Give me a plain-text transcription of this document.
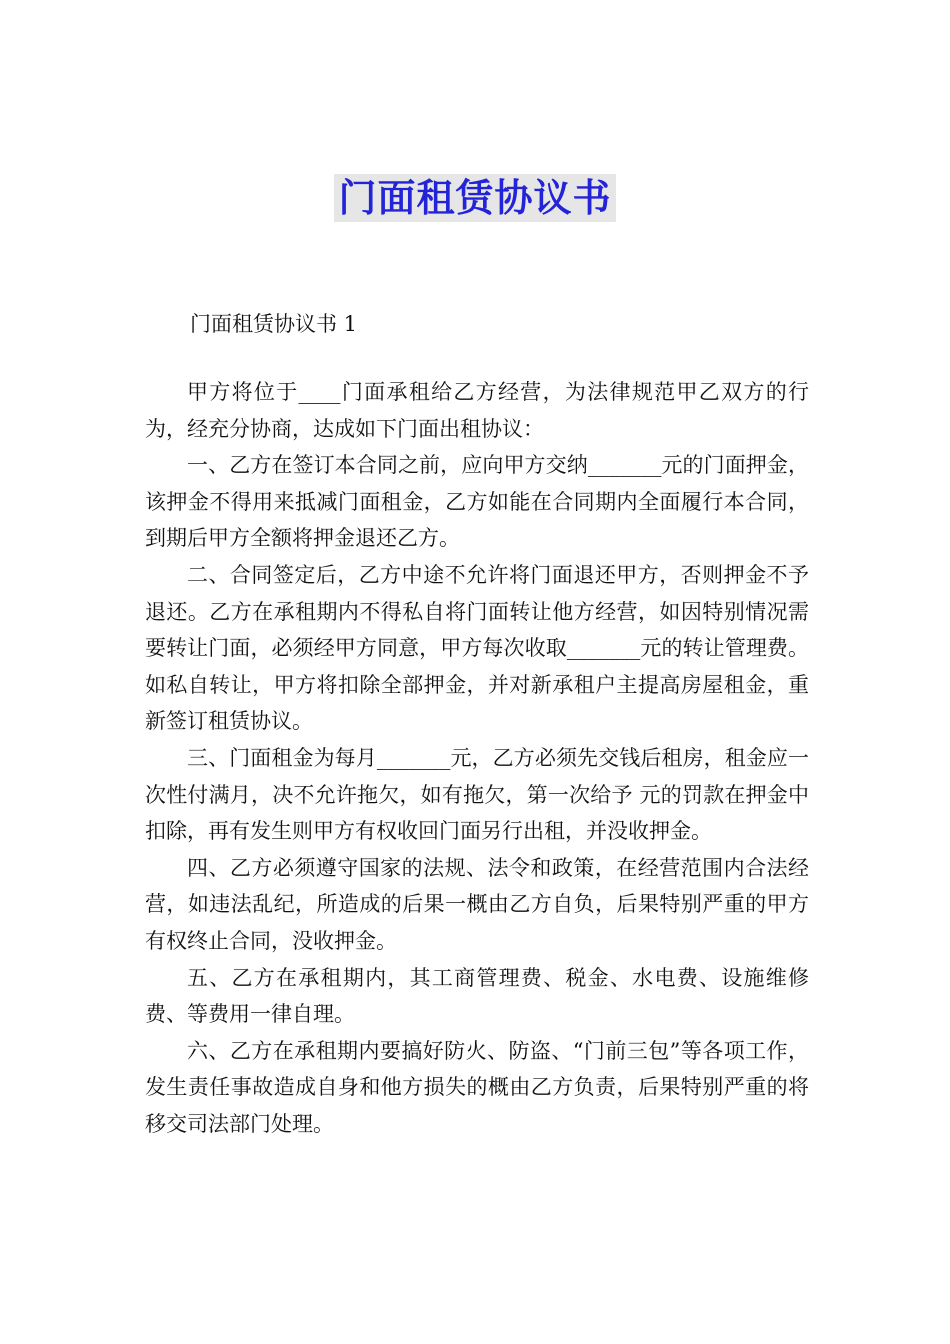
门面租赁协议书
门面租赁协议书 1

甲方将位于____门面承租给乙方经营，为法律规范甲乙双方的行为，经充分协商，达成如下门面出租协议：

一、乙方在签订本合同之前，应向甲方交纳_______元的门面押金，该押金不得用来抵减门面租金，乙方如能在合同期内全面履行本合同，到期后甲方全额将押金退还乙方。

二、合同签定后，乙方中途不允许将门面退还甲方，否则押金不予退还。乙方在承租期内不得私自将门面转让他方经营，如因特别情况需要转让门面，必须经甲方同意，甲方每次收取_______元的转让管理费。如私自转让，甲方将扣除全部押金，并对新承租户主提高房屋租金，重新签订租赁协议。

三、门面租金为每月_______元，乙方必须先交钱后租房，租金应一次性付满月，决不允许拖欠，如有拖欠，第一次给予 元的罚款在押金中扣除，再有发生则甲方有权收回门面另行出租，并没收押金。

四、乙方必须遵守国家的法规、法令和政策，在经营范围内合法经营，如违法乱纪，所造成的后果一概由乙方自负，后果特别严重的甲方有权终止合同，没收押金。

五、乙方在承租期内，其工商管理费、税金、水电费、设施维修费、等费用一律自理。

六、乙方在承租期内要搞好防火、防盗、“门前三包”等各项工作，发生责任事故造成自身和他方损失的概由乙方负责，后果特别严重的将移交司法部门处理。
